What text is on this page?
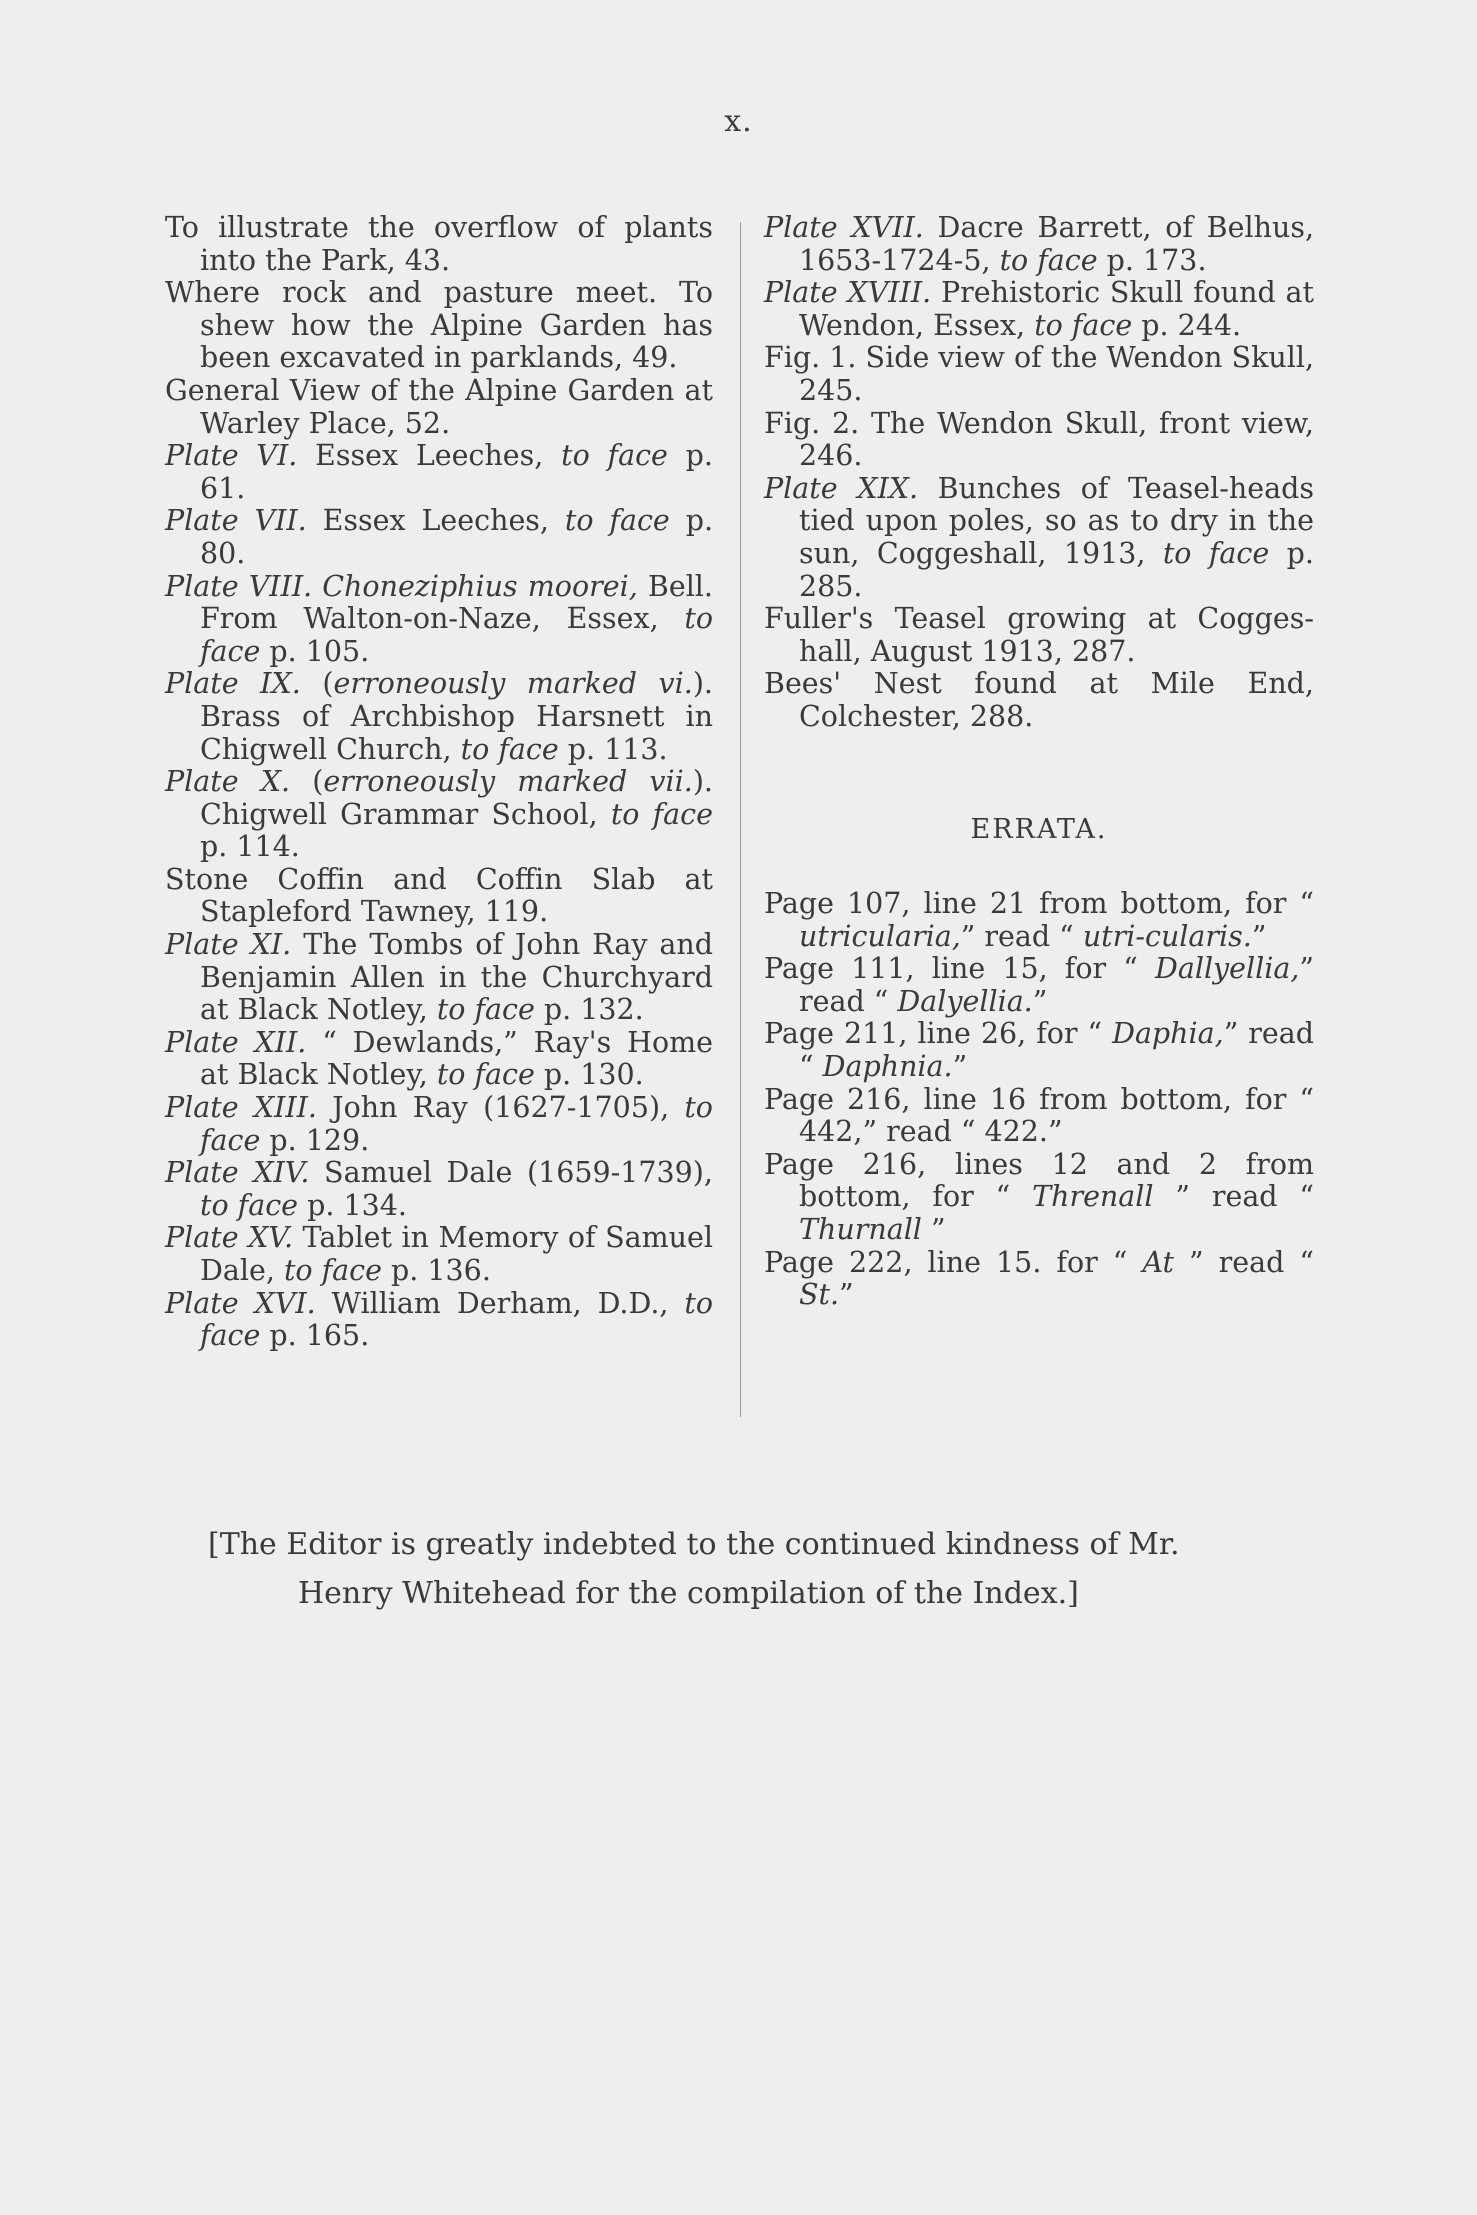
x.

To illustrate the overflow of plants into the Park, 43.

Where rock and pasture meet. To shew how the Alpine Garden has been excavated in parklands, 49.

General View of the Alpine Garden at Warley Place, 52.

Plate VI. Essex Leeches, to face p. 61.

Plate VII. Essex Leeches, to face p. 80.

Plate VIII. Choneziphius moorei, Bell. From Walton-on-Naze, Essex, to face p. 105.

Plate IX. (erroneously marked vi.). Brass of Archbishop Harsnett in Chigwell Church, to face p. 113.

Plate X. (erroneously marked vii.). Chigwell Grammar School, to face p. 114.

Stone Coffin and Coffin Slab at Stapleford Tawney, 119.

Plate XI. The Tombs of John Ray and Benjamin Allen in the Churchyard at Black Notley, to face p. 132.

Plate XII. “ Dewlands,” Ray's Home at Black Notley, to face p. 130.

Plate XIII. John Ray (1627-1705), to face p. 129.

Plate XIV. Samuel Dale (1659-1739), to face p. 134.

Plate XV. Tablet in Memory of Samuel Dale, to face p. 136.

Plate XVI. William Derham, D.D., to face p. 165.

Plate XVII. Dacre Barrett, of Belhus, 1653-1724-5, to face p. 173.

Plate XVIII. Prehistoric Skull found at Wendon, Essex, to face p. 244.

Fig. 1. Side view of the Wendon Skull, 245.

Fig. 2. The Wendon Skull, front view, 246.

Plate XIX. Bunches of Teasel-heads tied upon poles, so as to dry in the sun, Coggeshall, 1913, to face p. 285.

Fuller's Teasel growing at Cogges-hall, August 1913, 287.

Bees' Nest found at Mile End, Colchester, 288.

ERRATA.

Page 107, line 21 from bottom, for “ utricularia,” read “ utri-cularis.”

Page 111, line 15, for “ Dallyellia,” read “ Dalyellia.”

Page 211, line 26, for “ Daphia,” read “ Daphnia.”

Page 216, line 16 from bottom, for “ 442,” read “ 422.”

Page 216, lines 12 and 2 from bottom, for “ Threnall ” read “ Thurnall ”

Page 222, line 15. for “ At ” read “ St.”

[The Editor is greatly indebted to the continued kindness of Mr.
Henry Whitehead for the compilation of the Index.]
